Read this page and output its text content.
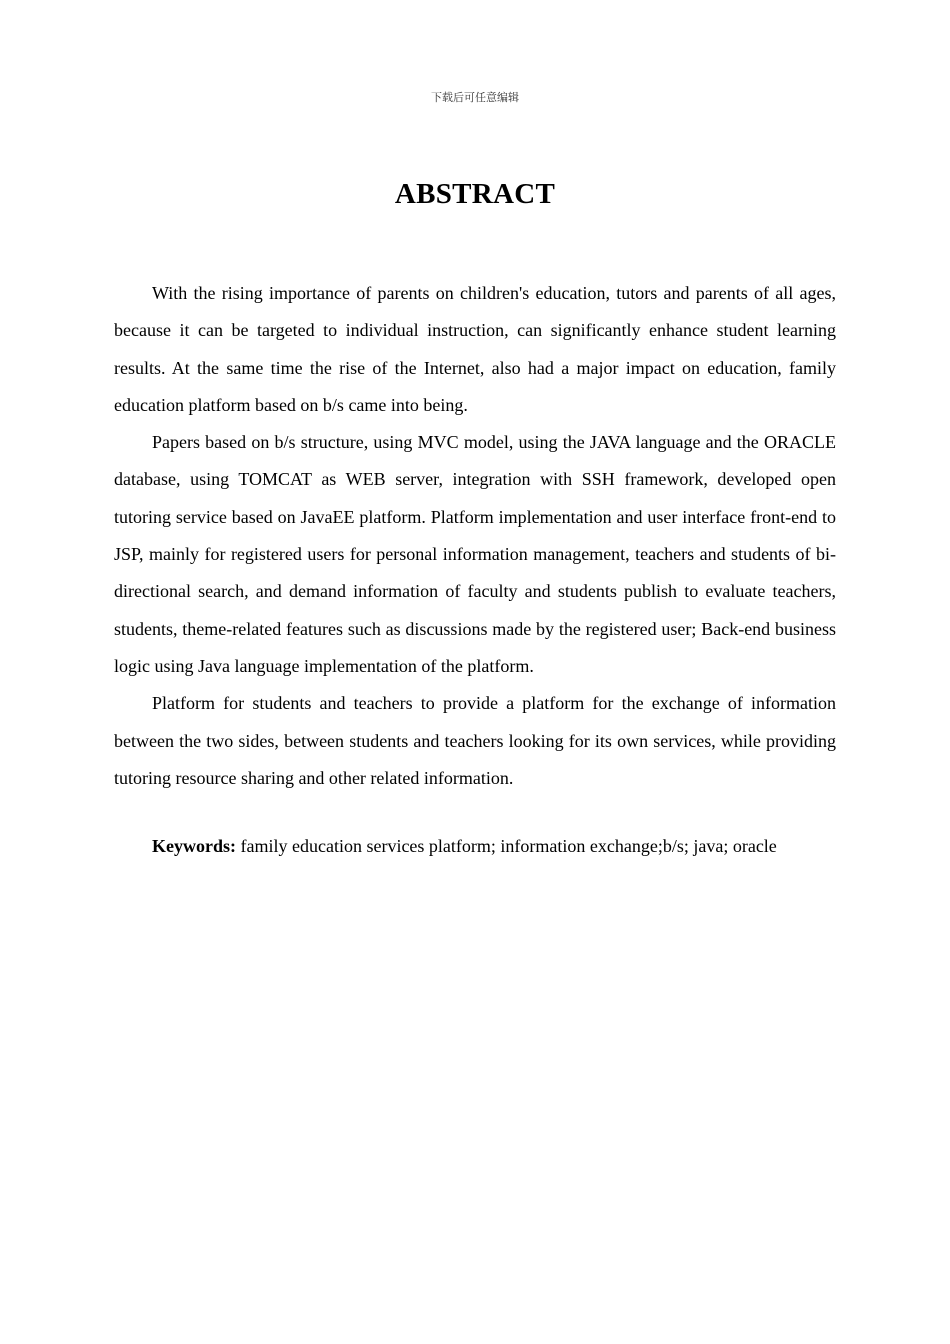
下载后可任意编辑
ABSTRACT

With the rising importance of parents on children's education, tutors and parents of all ages, because it can be targeted to individual instruction, can significantly enhance student learning results. At the same time the rise of the Internet, also had a major impact on education, family education platform based on b/s came into being.

Papers based on b/s structure, using MVC model, using the JAVA language and the ORACLE database, using TOMCAT as WEB server, integration with SSH framework, developed open tutoring service based on JavaEE platform. Platform implementation and user interface front-end to JSP, mainly for registered users for personal information management, teachers and students of bi-directional search, and demand information of faculty and students publish to evaluate teachers, students, theme-related features such as discussions made by the registered user; Back-end business logic using Java language implementation of the platform.

Platform for students and teachers to provide a platform for the exchange of information between the two sides, between students and teachers looking for its own services, while providing tutoring resource sharing and other related information.

Keywords: family education services platform; information exchange;b/s; java; oracle
